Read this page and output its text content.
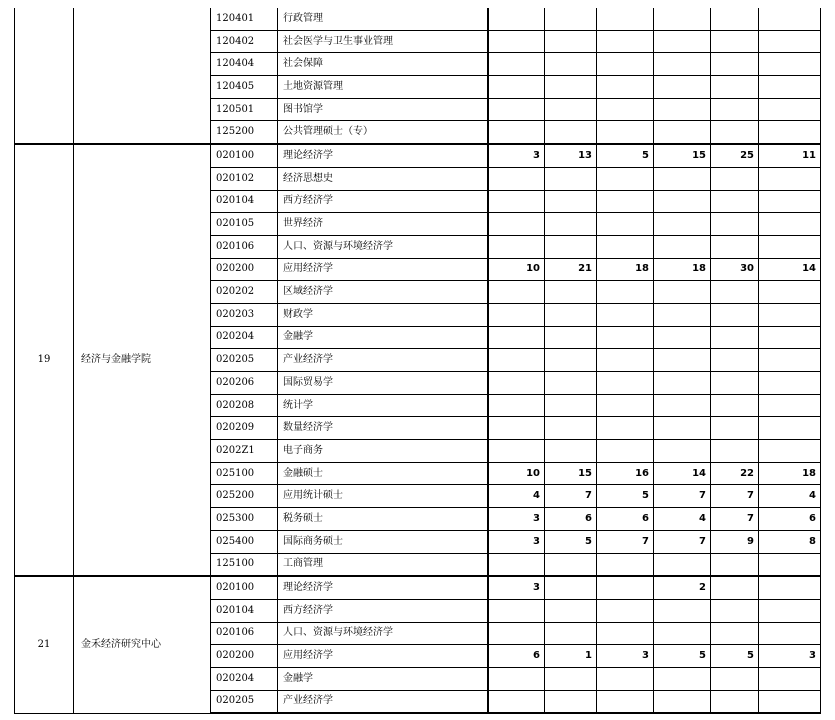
		120401	行政管理						
		120402	社会医学与卫生事业管理						
		120404	社会保障						
		120405	土地资源管理						
		120501	图书馆学						
		125200	公共管理硕士（专）						
19	经济与金融学院	020100	理论经济学	3	13	5	15	25	11
		020102	经济思想史						
		020104	西方经济学						
		020105	世界经济						
		020106	人口、资源与环境经济学						
		020200	应用经济学	10	21	18	18	30	14
		020202	区域经济学						
		020203	财政学						
		020204	金融学						
		020205	产业经济学						
		020206	国际贸易学						
		020208	统计学						
		020209	数量经济学						
		0202Z1	电子商务						
		025100	金融硕士	10	15	16	14	22	18
		025200	应用统计硕士	4	7	5	7	7	4
		025300	税务硕士	3	6	6	4	7	6
		025400	国际商务硕士	3	5	7	7	9	8
		125100	工商管理						
21	金禾经济研究中心	020100	理论经济学	3			2		
		020104	西方经济学						
		020106	人口、资源与环境经济学						
		020200	应用经济学	6	1	3	5	5	3
		020204	金融学						
		020205	产业经济学						
